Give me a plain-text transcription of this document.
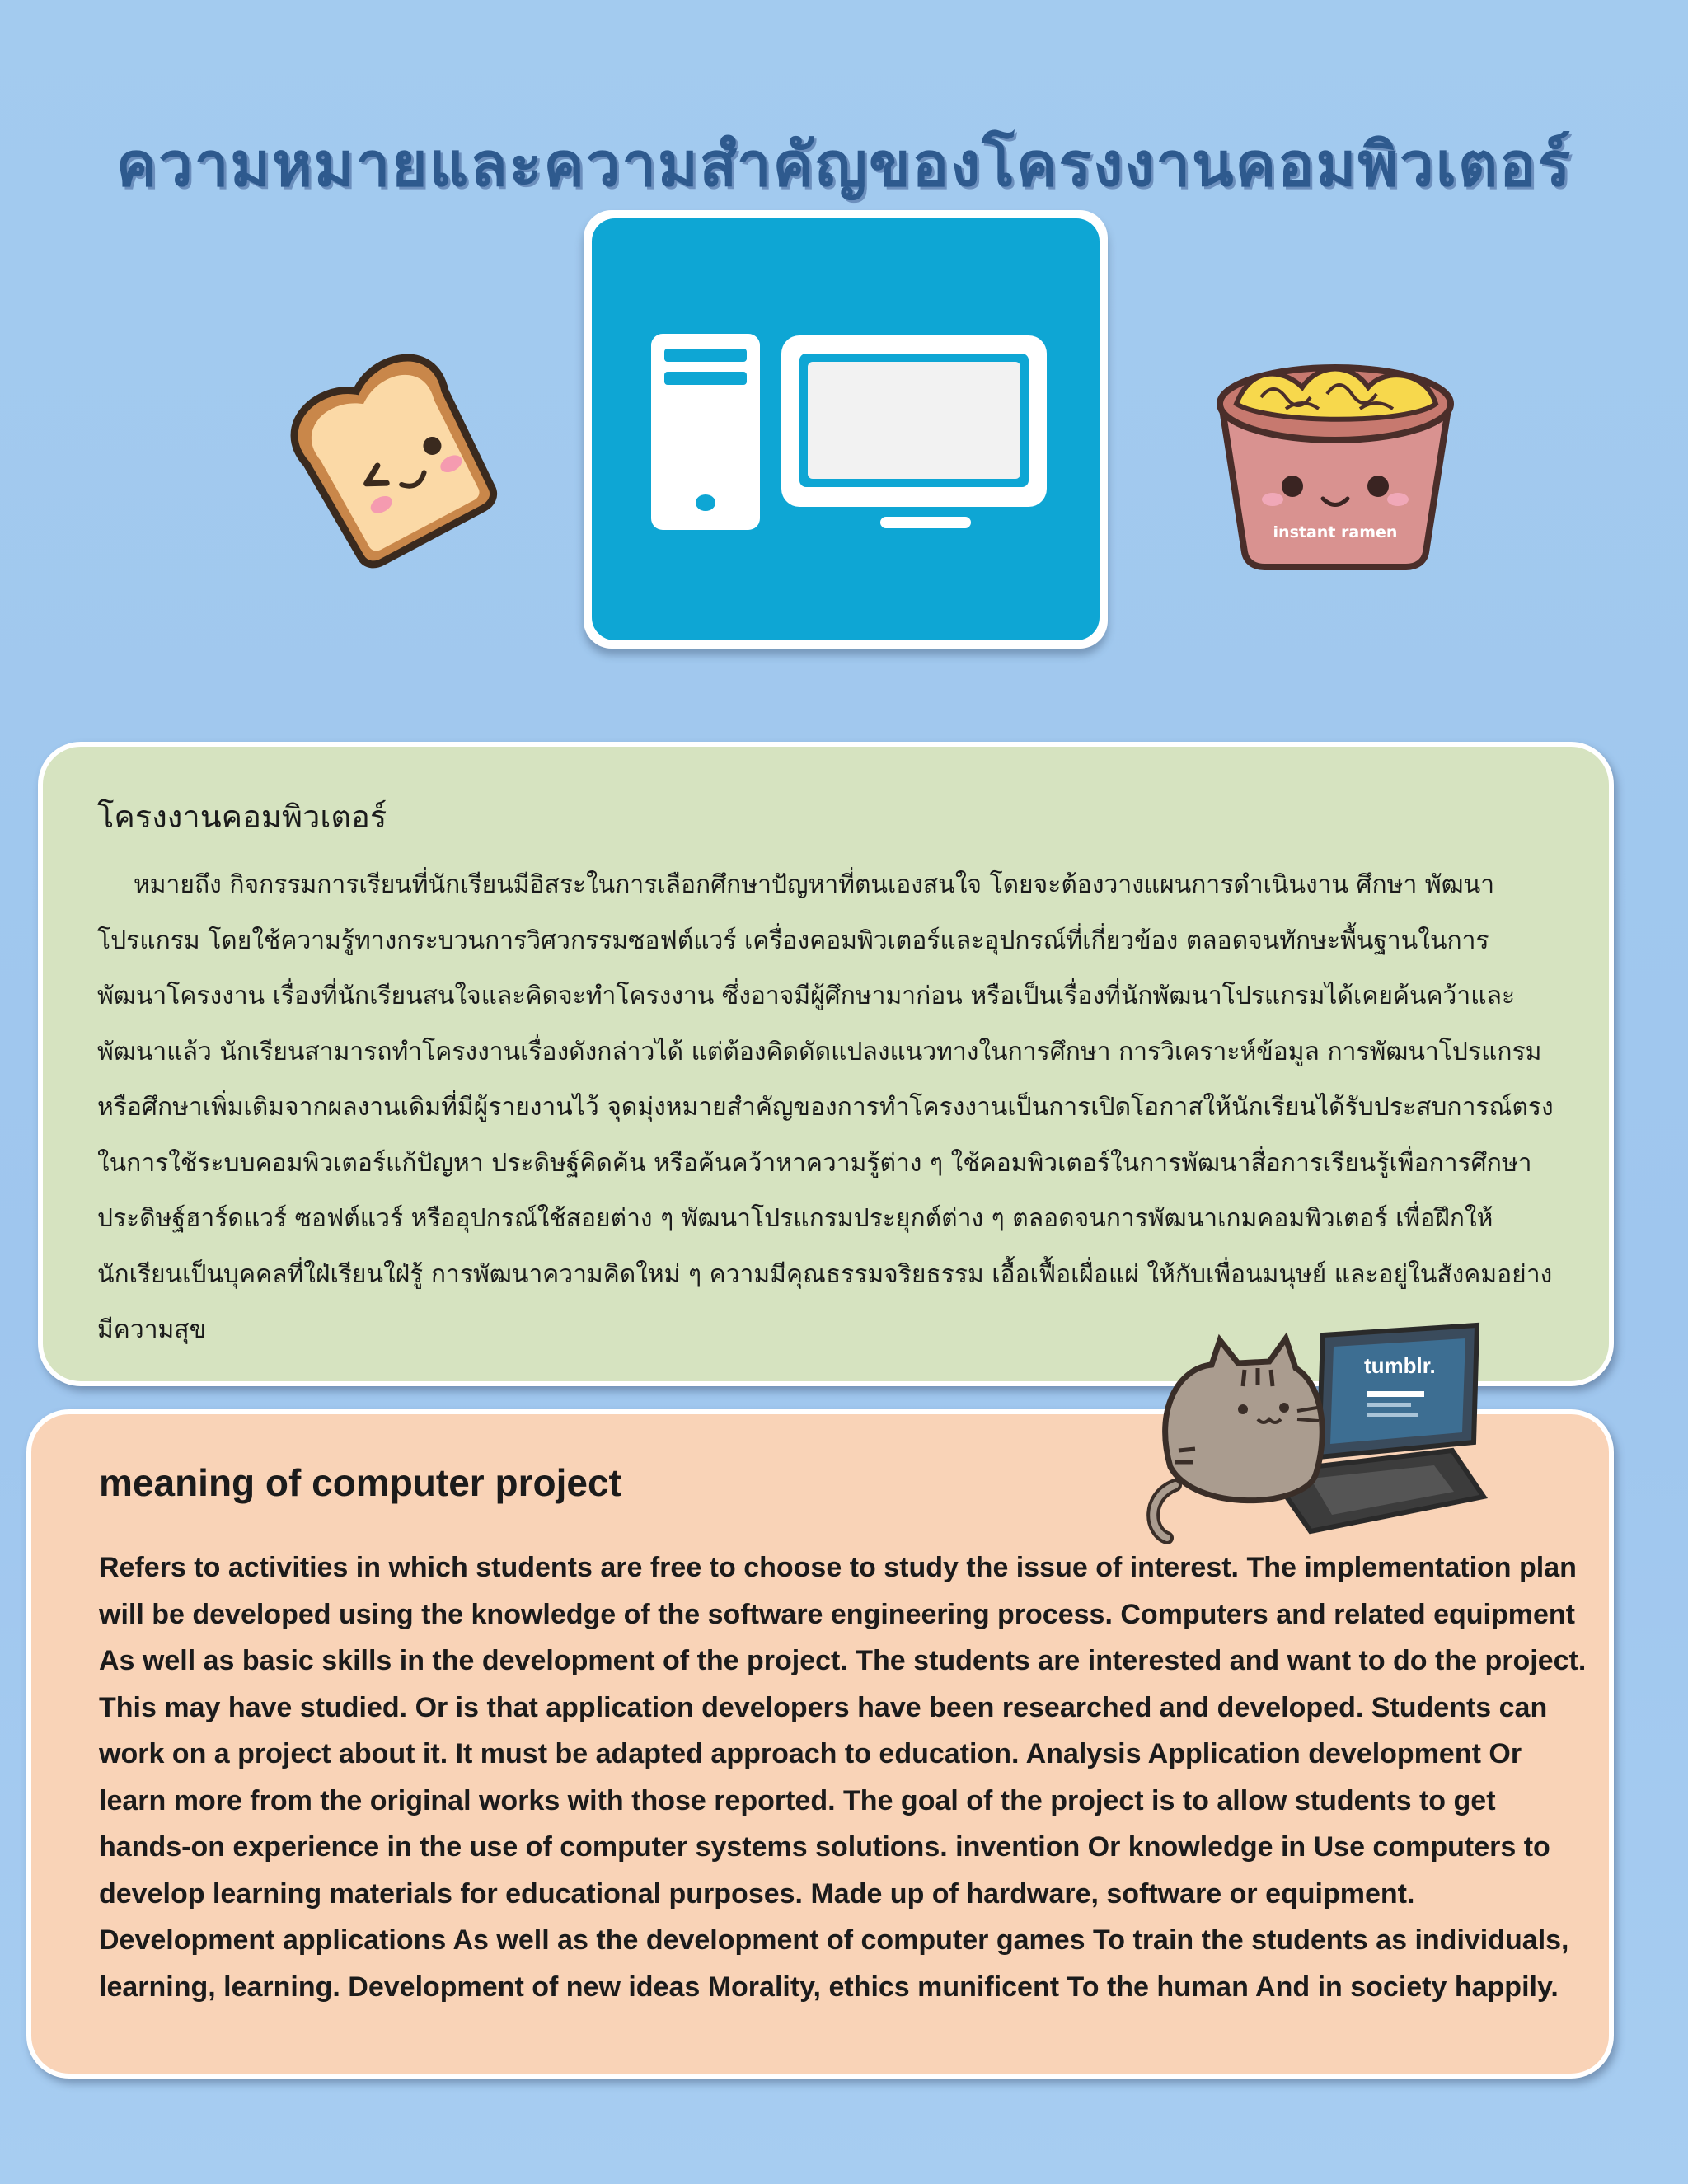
ความหมายและความสำคัญของโครงงานคอมพิวเตอร์
instant ramen
โครงงานคอมพิวเตอร์
หมายถึง กิจกรรมการเรียนที่นักเรียนมีอิสระในการเลือกศึกษาปัญหาที่ตนเองสนใจ โดยจะต้องวางแผนการดำเนินงาน ศึกษา พัฒนาโปรแกรม โดยใช้ความรู้ทางกระบวนการวิศวกรรมซอฟต์แวร์ เครื่องคอมพิวเตอร์และอุปกรณ์ที่เกี่ยวข้อง ตลอดจนทักษะพื้นฐานในการพัฒนาโครงงาน เรื่องที่นักเรียนสนใจและคิดจะทำโครงงาน ซึ่งอาจมีผู้ศึกษามาก่อน หรือเป็นเรื่องที่นักพัฒนาโปรแกรมได้เคยค้นคว้าและพัฒนาแล้ว นักเรียนสามารถทำโครงงานเรื่องดังกล่าวได้ แต่ต้องคิดดัดแปลงแนวทางในการศึกษา การวิเคราะห์ข้อมูล การพัฒนาโปรแกรม หรือศึกษาเพิ่มเติมจากผลงานเดิมที่มีผู้รายงานไว้ จุดมุ่งหมายสำคัญของการทำโครงงานเป็นการเปิดโอกาสให้นักเรียนได้รับประสบการณ์ตรงในการใช้ระบบคอมพิวเตอร์แก้ปัญหา ประดิษฐ์คิดค้น หรือค้นคว้าหาความรู้ต่าง ๆ ใช้คอมพิวเตอร์ในการพัฒนาสื่อการเรียนรู้เพื่อการศึกษา ประดิษฐ์ฮาร์ดแวร์ ซอฟต์แวร์ หรืออุปกรณ์ใช้สอยต่าง ๆ พัฒนาโปรแกรมประยุกต์ต่าง ๆ ตลอดจนการพัฒนาเกมคอมพิวเตอร์ เพื่อฝึกให้นักเรียนเป็นบุคคลที่ใฝ่เรียนใฝ่รู้ การพัฒนาความคิดใหม่ ๆ ความมีคุณธรรมจริยธรรม เอื้อเฟื้อเผื่อแผ่ ให้กับเพื่อนมนุษย์ และอยู่ในสังคมอย่างมีความสุข
meaning of computer project
Refers to activities in which students are free to choose to study the issue of interest. The implementation plan will be developed using the knowledge of the software engineering process. Computers and related equipment As well as basic skills in the development of the project. The students are interested and want to do the project. This may have studied. Or is that application developers have been researched and developed. Students can work on a project about it. It must be adapted approach to education. Analysis Application development Or learn more from the original works with those reported. The goal of the project is to allow students to get hands-on experience in the use of computer systems solutions. invention Or knowledge in Use computers to develop learning materials for educational purposes. Made up of hardware, software or equipment. Development applications As well as the development of computer games To train the students as individuals, learning, learning. Development of new ideas Morality, ethics munificent To the human And in society happily.
tumblr.
